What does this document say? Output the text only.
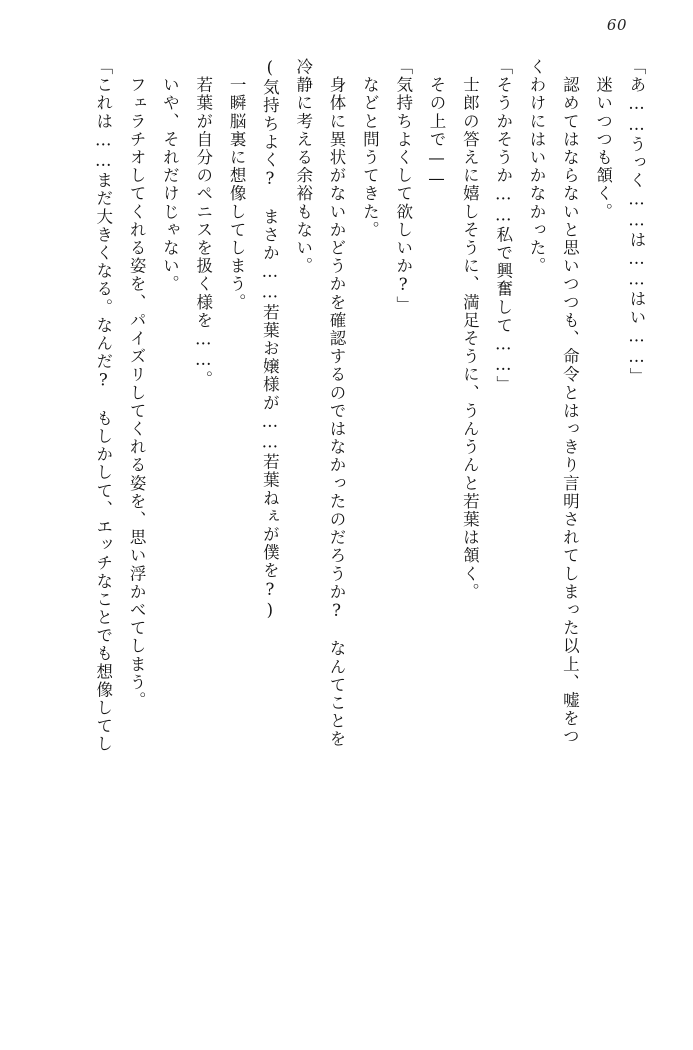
60

「あ……うっく……は……はい……」

　迷いつつも頷く。

　認めてはならないと思いつつも、命令とはっきり言明されてしまった以上、嘘をつ

くわけにはいかなかった。

「そうかそうか……私で興奮して……」

　士郎の答えに嬉しそうに、満足そうに、うんうんと若葉は頷く。

　その上で——

「気持ちよくして欲しいか?」

　などと問うてきた。

　身体に異状がないかどうかを確認するのではなかったのだろうか?　なんてことを

冷静に考える余裕もない。

(気持ちよく?　まさか……若葉お嬢様が……若葉ねぇが僕を?)

　一瞬脳裏に想像してしまう。

　若葉が自分のペニスを扱く様を……。

　いや、それだけじゃない。

　フェラチオしてくれる姿を、パイズリしてくれる姿を、思い浮かべてしまう。

「これは……まだ大きくなる。なんだ?　もしかして、エッチなことでも想像してし
